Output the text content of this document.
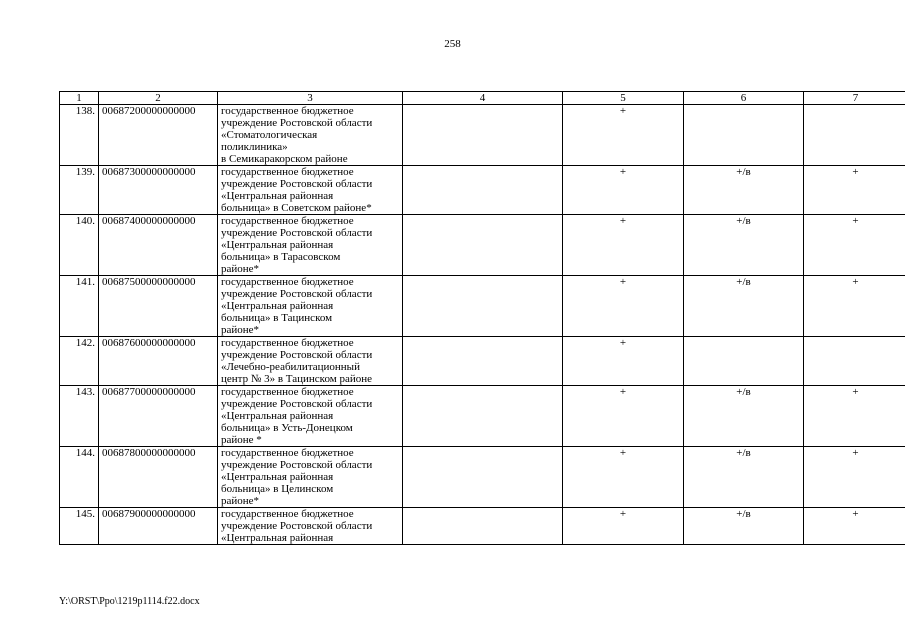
258
1	2	3	4	5	6	7
138.	00687200000000000	государственное бюджетное
учреждение Ростовской области
«Стоматологическая
поликлиника»
в Семикаракорском районе		+		
139.	00687300000000000	государственное бюджетное
учреждение Ростовской области
«Центральная районная
больница» в Советском районе*		+	+/в	+
140.	00687400000000000	государственное бюджетное
учреждение Ростовской области
«Центральная районная
больница» в Тарасовском
районе*		+	+/в	+
141.	00687500000000000	государственное бюджетное
учреждение Ростовской области
«Центральная районная
больница» в Тацинском
районе*		+	+/в	+
142.	00687600000000000	государственное бюджетное
учреждение Ростовской области
«Лечебно-реабилитационный
центр № 3» в Тацинском районе		+		
143.	00687700000000000	государственное бюджетное
учреждение Ростовской области
«Центральная районная
больница» в Усть-Донецком
районе *		+	+/в	+
144.	00687800000000000	государственное бюджетное
учреждение Ростовской области
«Центральная районная
больница» в Целинском
районе*		+	+/в	+
145.	00687900000000000	государственное бюджетное
учреждение Ростовской области
«Центральная районная		+	+/в	+
Y:\ORST\Ppo\1219p1114.f22.docx
